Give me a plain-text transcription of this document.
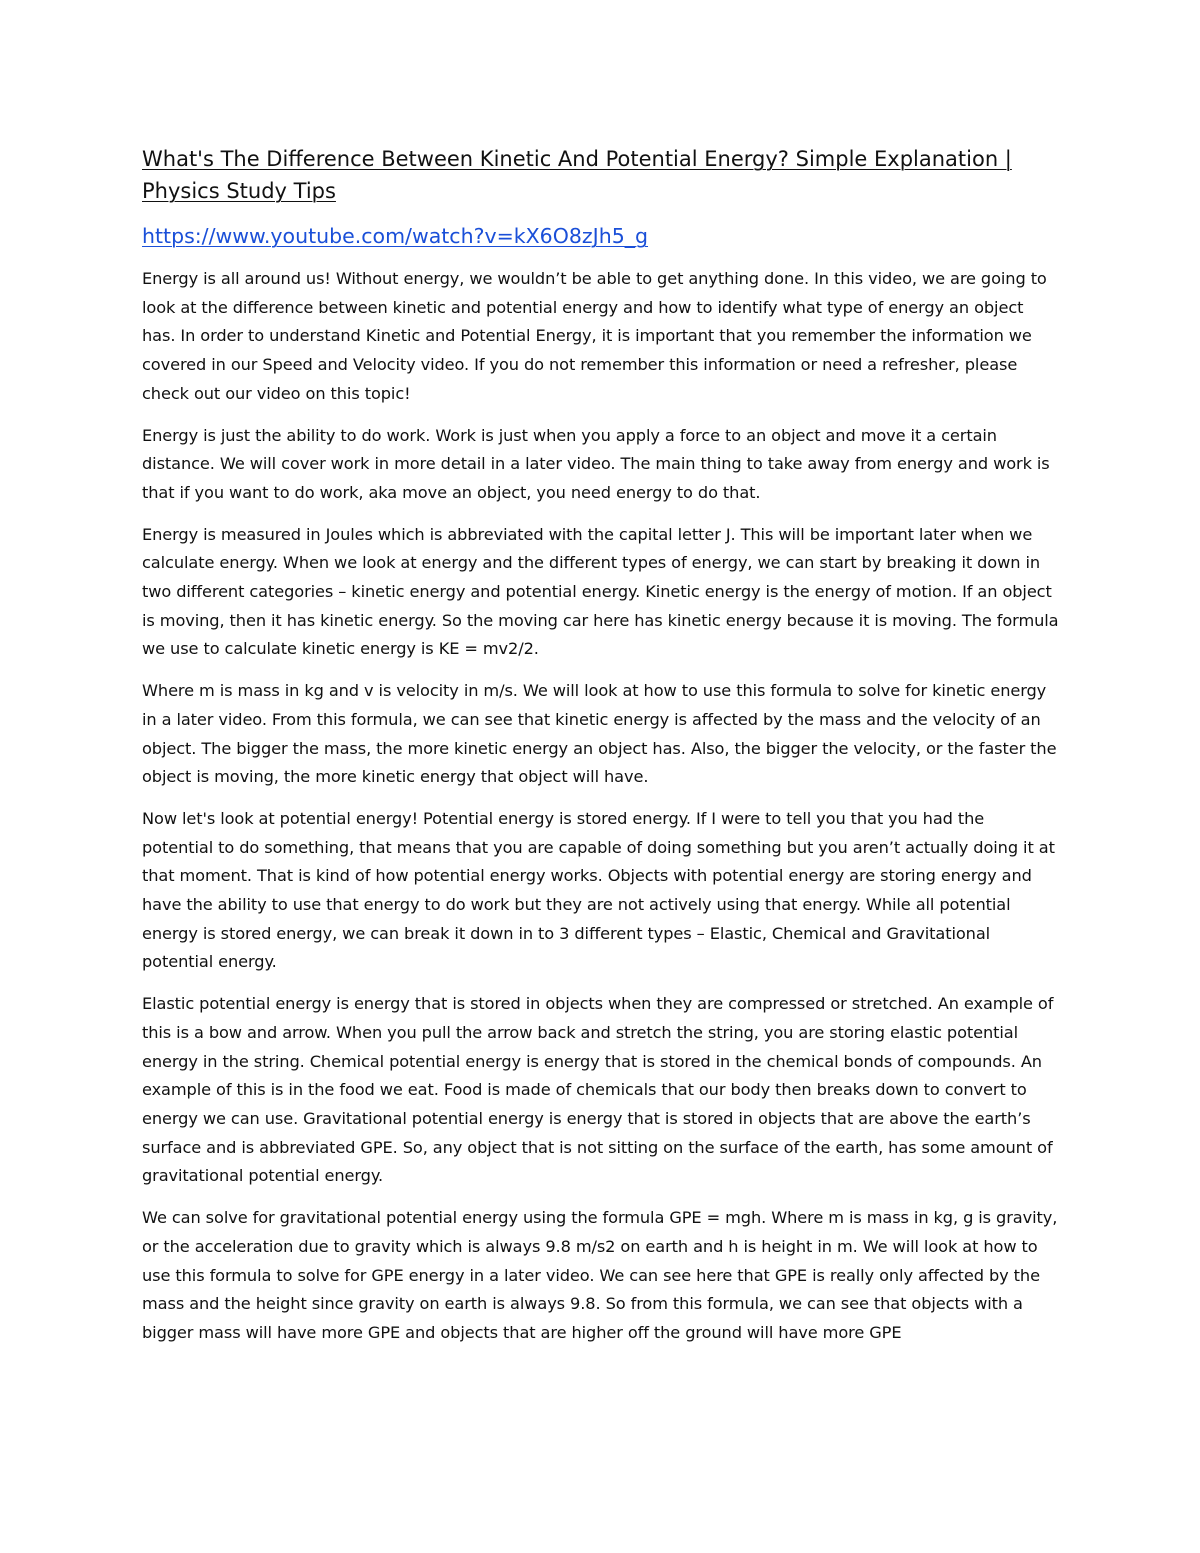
What's The Difference Between Kinetic And Potential Energy? Simple Explanation | Physics Study Tips
https://www.youtube.com/watch?v=kX6O8zJh5_g

Energy is all around us! Without energy, we wouldn’t be able to get anything done. In this video, we are going to look at the difference between kinetic and potential energy and how to identify what type of energy an object has. In order to understand Kinetic and Potential Energy, it is important that you remember the information we covered in our Speed and Velocity video. If you do not remember this information or need a refresher, please check out our video on this topic!

Energy is just the ability to do work. Work is just when you apply a force to an object and move it a certain distance. We will cover work in more detail in a later video. The main thing to take away from energy and work is that if you want to do work, aka move an object, you need energy to do that.

Energy is measured in Joules which is abbreviated with the capital letter J. This will be important later when we calculate energy. When we look at energy and the different types of energy, we can start by breaking it down in two different categories – kinetic energy and potential energy. Kinetic energy is the energy of motion. If an object is moving, then it has kinetic energy. So the moving car here has kinetic energy because it is moving. The formula we use to calculate kinetic energy is KE = mv2/2.

Where m is mass in kg and v is velocity in m/s. We will look at how to use this formula to solve for kinetic energy in a later video. From this formula, we can see that kinetic energy is affected by the mass and the velocity of an object. The bigger the mass, the more kinetic energy an object has. Also, the bigger the velocity, or the faster the object is moving, the more kinetic energy that object will have.

Now let's look at potential energy! Potential energy is stored energy. If I were to tell you that you had the potential to do something, that means that you are capable of doing something but you aren’t actually doing it at that moment. That is kind of how potential energy works. Objects with potential energy are storing energy and have the ability to use that energy to do work but they are not actively using that energy. While all potential energy is stored energy, we can break it down in to 3 different types – Elastic, Chemical and Gravitational potential energy.

Elastic potential energy is energy that is stored in objects when they are compressed or stretched. An example of this is a bow and arrow. When you pull the arrow back and stretch the string, you are storing elastic potential energy in the string. Chemical potential energy is energy that is stored in the chemical bonds of compounds. An example of this is in the food we eat. Food is made of chemicals that our body then breaks down to convert to energy we can use. Gravitational potential energy is energy that is stored in objects that are above the earth’s surface and is abbreviated GPE. So, any object that is not sitting on the surface of the earth, has some amount of gravitational potential energy.

We can solve for gravitational potential energy using the formula GPE = mgh. Where m is mass in kg, g is gravity, or the acceleration due to gravity which is always 9.8 m/s2 on earth and h is height in m. We will look at how to use this formula to solve for GPE energy in a later video. We can see here that GPE is really only affected by the mass and the height since gravity on earth is always 9.8. So from this formula, we can see that objects with a bigger mass will have more GPE and objects that are higher off the ground will have more GPE
